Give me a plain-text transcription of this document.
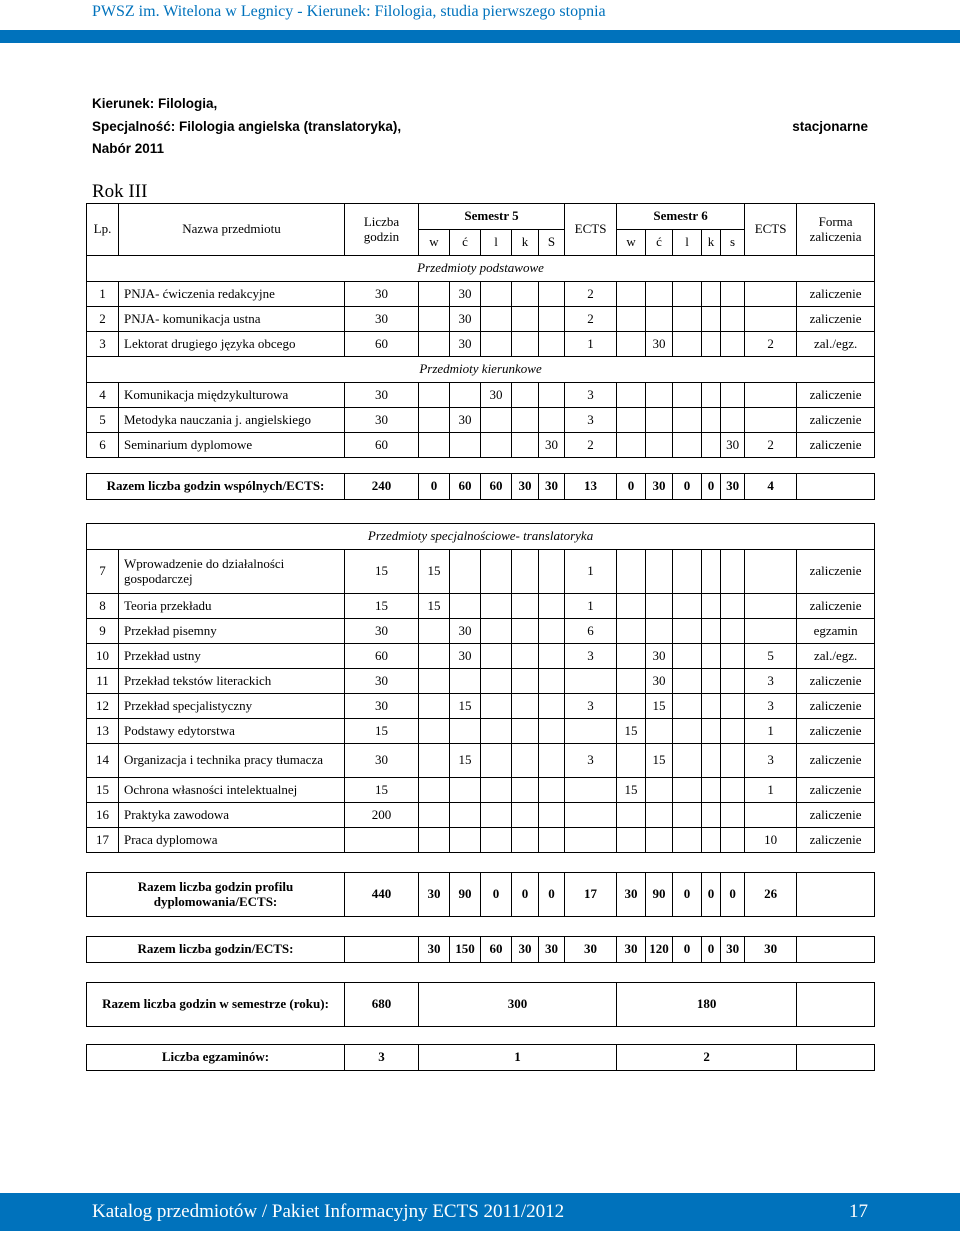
PWSZ im. Witelona w Legnicy - Kierunek: Filologia, studia pierwszego stopnia
Kierunek: Filologia,
Specjalność: Filologia angielska (translatoryka),
Nabór 2011
stacjonarne
Rok III
Lp.	Nazwa przedmiotu	Liczba godzin	Semestr 5					ECTS	Semestr 6					ECTS	Forma zaliczenia
			w	ć	l	k	S		w	ć	l	k	s		
Przedmioty podstawowe															
1	PNJA- ćwiczenia redakcyjne	30		30				2							zaliczenie
2	PNJA- komunikacja ustna	30		30				2							zaliczenie
3	Lektorat drugiego języka obcego	60		30				1		30				2	zal./egz.
Przedmioty kierunkowe															
4	Komunikacja międzykulturowa	30			30			3							zaliczenie
5	Metodyka nauczania j. angielskiego	30		30				3							zaliczenie
6	Seminarium dyplomowe	60					30	2					30	2	zaliczenie

Razem liczba godzin wspólnych/ECTS:		240	0	60	60	30	30	13	0	30	0	0	30	4	

Przedmioty specjalnościowe- translatoryka															
7	Wprowadzenie do działalności gospodarczej	15	15					1							zaliczenie
8	Teoria przekładu	15	15					1							zaliczenie
9	Przekład pisemny	30		30				6							egzamin
10	Przekład ustny	60		30				3		30				5	zal./egz.
11	Przekład tekstów literackich	30								30				3	zaliczenie
12	Przekład specjalistyczny	30		15				3		15				3	zaliczenie
13	Podstawy edytorstwa	15							15					1	zaliczenie
14	Organizacja i technika pracy tłumacza	30		15				3		15				3	zaliczenie
15	Ochrona własności intelektualnej	15							15					1	zaliczenie
16	Praktyka zawodowa	200													zaliczenie
17	Praca dyplomowa													10	zaliczenie

Razem liczba godzin profilu dyplomowania/ECTS:		440	30	90	0	0	0	17	30	90	0	0	0	26	

Razem liczba godzin/ECTS:			30	150	60	30	30	30	30	120	0	0	30	30	

Razem liczba godzin w semestrze (roku):		680	300						180						

Liczba egzaminów:		3	1						2						
Katalog przedmiotów / Pakiet Informacyjny ECTS 2011/2012	17
